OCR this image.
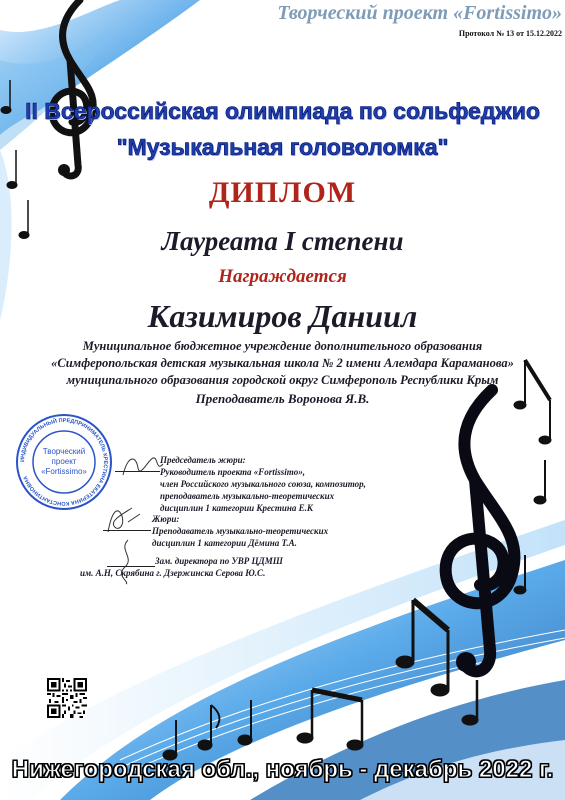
Творческий проект «Fortissimo»
Протокол № 13 от 15.12.2022
II Всероссийская олимпиада по сольфеджио
"Музыкальная головоломка"
ДИПЛОМ
Лауреата I степени
Награждается
Казимиров Даниил
Муниципальное бюджетное учреждение дополнительного образования
«Симферопольская детская музыкальная школа № 2 имени Алемдара Караманова»
муниципального образования городской округ Симферополь Республики Крым
Преподаватель Воронова Я.В.
ИНДИВИДУАЛЬНЫЙ ПРЕДПРИНИМАТЕЛЬ КРЕСТИНА ЕКАТЕРИНА КОНСТАНТИНОВНА
Творческий
проект
«Fortissimo»
Председатель жюри:
Руководитель проекта «Fortissimo»,
член Российского музыкального союза, композитор,
преподаватель музыкально-теоретических
дисциплин 1 категории Крестина Е.К
Жюри:
Преподаватель музыкально-теоретических
дисциплин 1 категории Дёмина Т.А.
Зам. директора по УВР ЦДМШ
им. А.Н, Скрябина г. Дзержинска Серова Ю.С.
Нижегородская обл., ноябрь - декабрь 2022 г.
